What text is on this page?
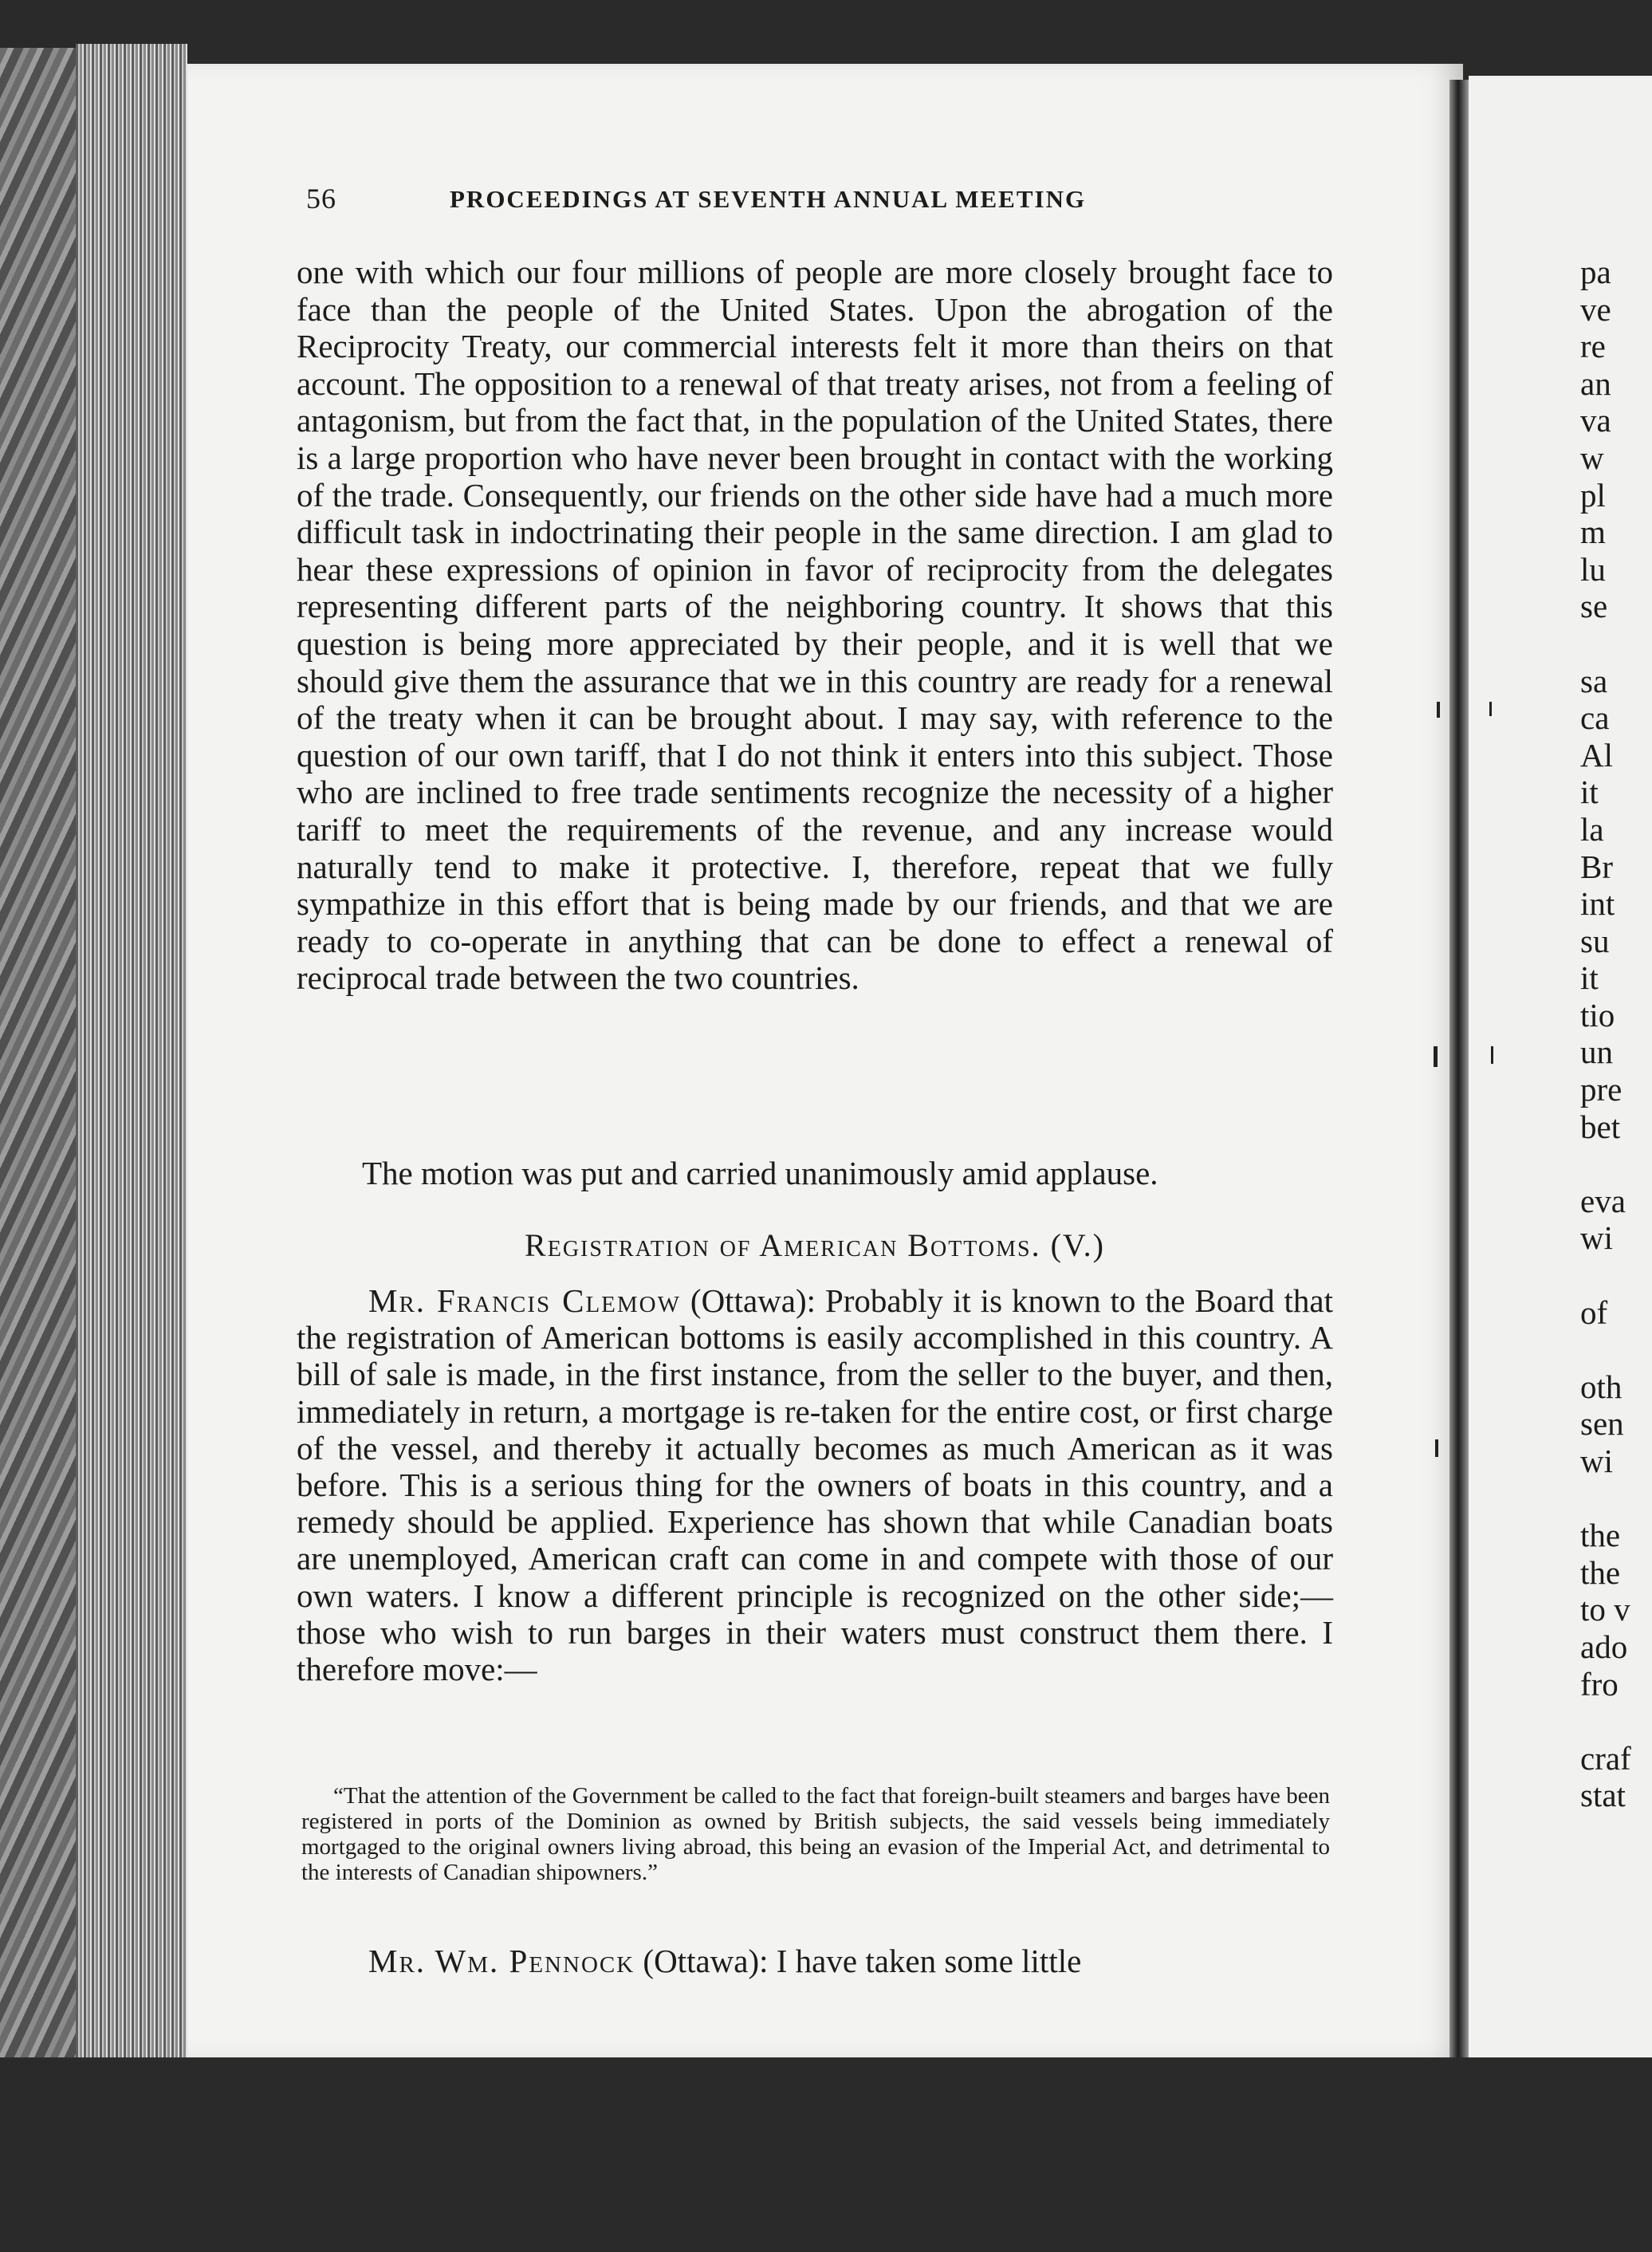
56	PROCEEDINGS AT SEVENTH ANNUAL MEETING

one with which our four millions of people are more closely brought face to face than the people of the United States. Upon the abrogation of the Reciprocity Treaty, our commercial interests felt it more than theirs on that account. The opposition to a renewal of that treaty arises, not from a feeling of antagonism, but from the fact that, in the population of the United States, there is a large proportion who have never been brought in contact with the working of the trade. Consequently, our friends on the other side have had a much more difficult task in indoctrinating their people in the same direction. I am glad to hear these expressions of opinion in favor of reciprocity from the delegates representing different parts of the neighboring country. It shows that this question is being more appreciated by their people, and it is well that we should give them the assurance that we in this country are ready for a renewal of the treaty when it can be brought about. I may say, with reference to the question of our own tariff, that I do not think it enters into this subject. Those who are inclined to free trade sentiments recognize the necessity of a higher tariff to meet the requirements of the revenue, and any increase would naturally tend to make it protective. I, therefore, repeat that we fully sympathize in this effort that is being made by our friends, and that we are ready to co-operate in anything that can be done to effect a renewal of reciprocal trade between the two countries.

The motion was put and carried unanimously amid applause.

Registration of American Bottoms. (V.)

Mr. Francis Clemow (Ottawa): Probably it is known to the Board that the registration of American bottoms is easily accomplished in this country. A bill of sale is made, in the first instance, from the seller to the buyer, and then, immediately in return, a mortgage is re-taken for the entire cost, or first charge of the vessel, and thereby it actually becomes as much American as it was before. This is a serious thing for the owners of boats in this country, and a remedy should be applied. Experience has shown that while Canadian boats are unemployed, American craft can come in and compete with those of our own waters. I know a different principle is recognized on the other side;—those who wish to run barges in their waters must construct them there. I therefore move:—

“That the attention of the Government be called to the fact that foreign-built steamers and barges have been registered in ports of the Dominion as owned by British subjects, the said vessels being immediately mortgaged to the original owners living abroad, this being an evasion of the Imperial Act, and detrimental to the interests of Canadian shipowners.”

Mr. Wm. Pennock (Ottawa): I have taken some little

pa
ve
re
an
va
w
pl
m
lu
se
sa
ca
Al
it
la
Br
int
su
it
tio
un
pre
bet
eva
wi
of
oth
sen
wi
the
the
to v
ado
fro
craf
stat
